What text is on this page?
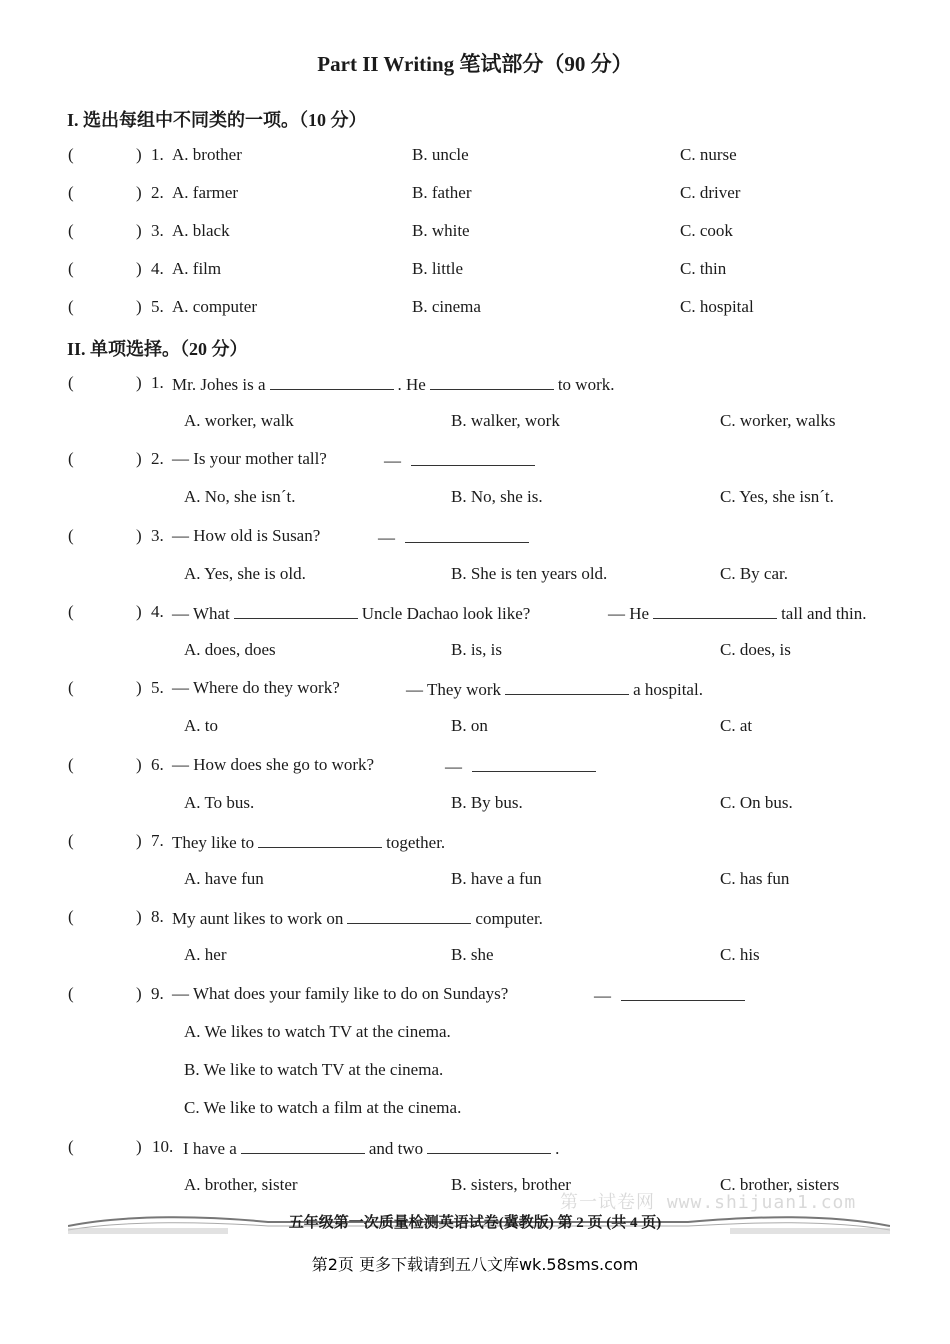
Part II Writing 笔试部分（90 分）
I. 选出每组中不同类的一项。（10 分）
(	) 1. A. brother	B. uncle	C. nurse
(	) 2. A. farmer	B. father	C. driver
(	) 3. A. black	B. white	C. cook
(	) 4. A. film	B. little	C. thin
(	) 5. A. computer	B. cinema	C. hospital
II. 单项选择。（20 分）
(	) 1. Mr. Johes is a	. He	to work.
A. worker, walk	B. walker, work	C. worker, walks
(	) 2. — Is your mother tall?	—
A. No, she isn´t.	B. No, she is.	C. Yes, she isn´t.
(	) 3. — How old is Susan?	—
A. Yes, she is old.	B. She is ten years old.	C. By car.
(	) 4. — What	Uncle Dachao look like?	— He	tall and thin.
A. does, does	B. is, is	C. does, is
(	) 5. — Where do they work?	— They work	a hospital.
A. to	B. on	C. at
(	) 6. — How does she go to work?	—
A. To bus.	B. By bus.	C. On bus.
(	) 7. They like to	together.
A. have fun	B. have a fun	C. has fun
(	) 8. My aunt likes to work on	computer.
A. her	B. she	C. his
(	) 9. — What does your family like to do on Sundays?	—
A. We likes to watch TV at the cinema.
B. We like to watch TV at the cinema.
C. We like to watch a film at the cinema.
(	) 10. I have a	and two	.
A. brother, sister	B. sisters, brother	C. brother, sisters
第一试卷网 www.shijuan1.com
五年级第一次质量检测英语试卷(冀教版) 第 2 页 (共 4 页)
第2页 更多下载请到五八文库wk.58sms.com
